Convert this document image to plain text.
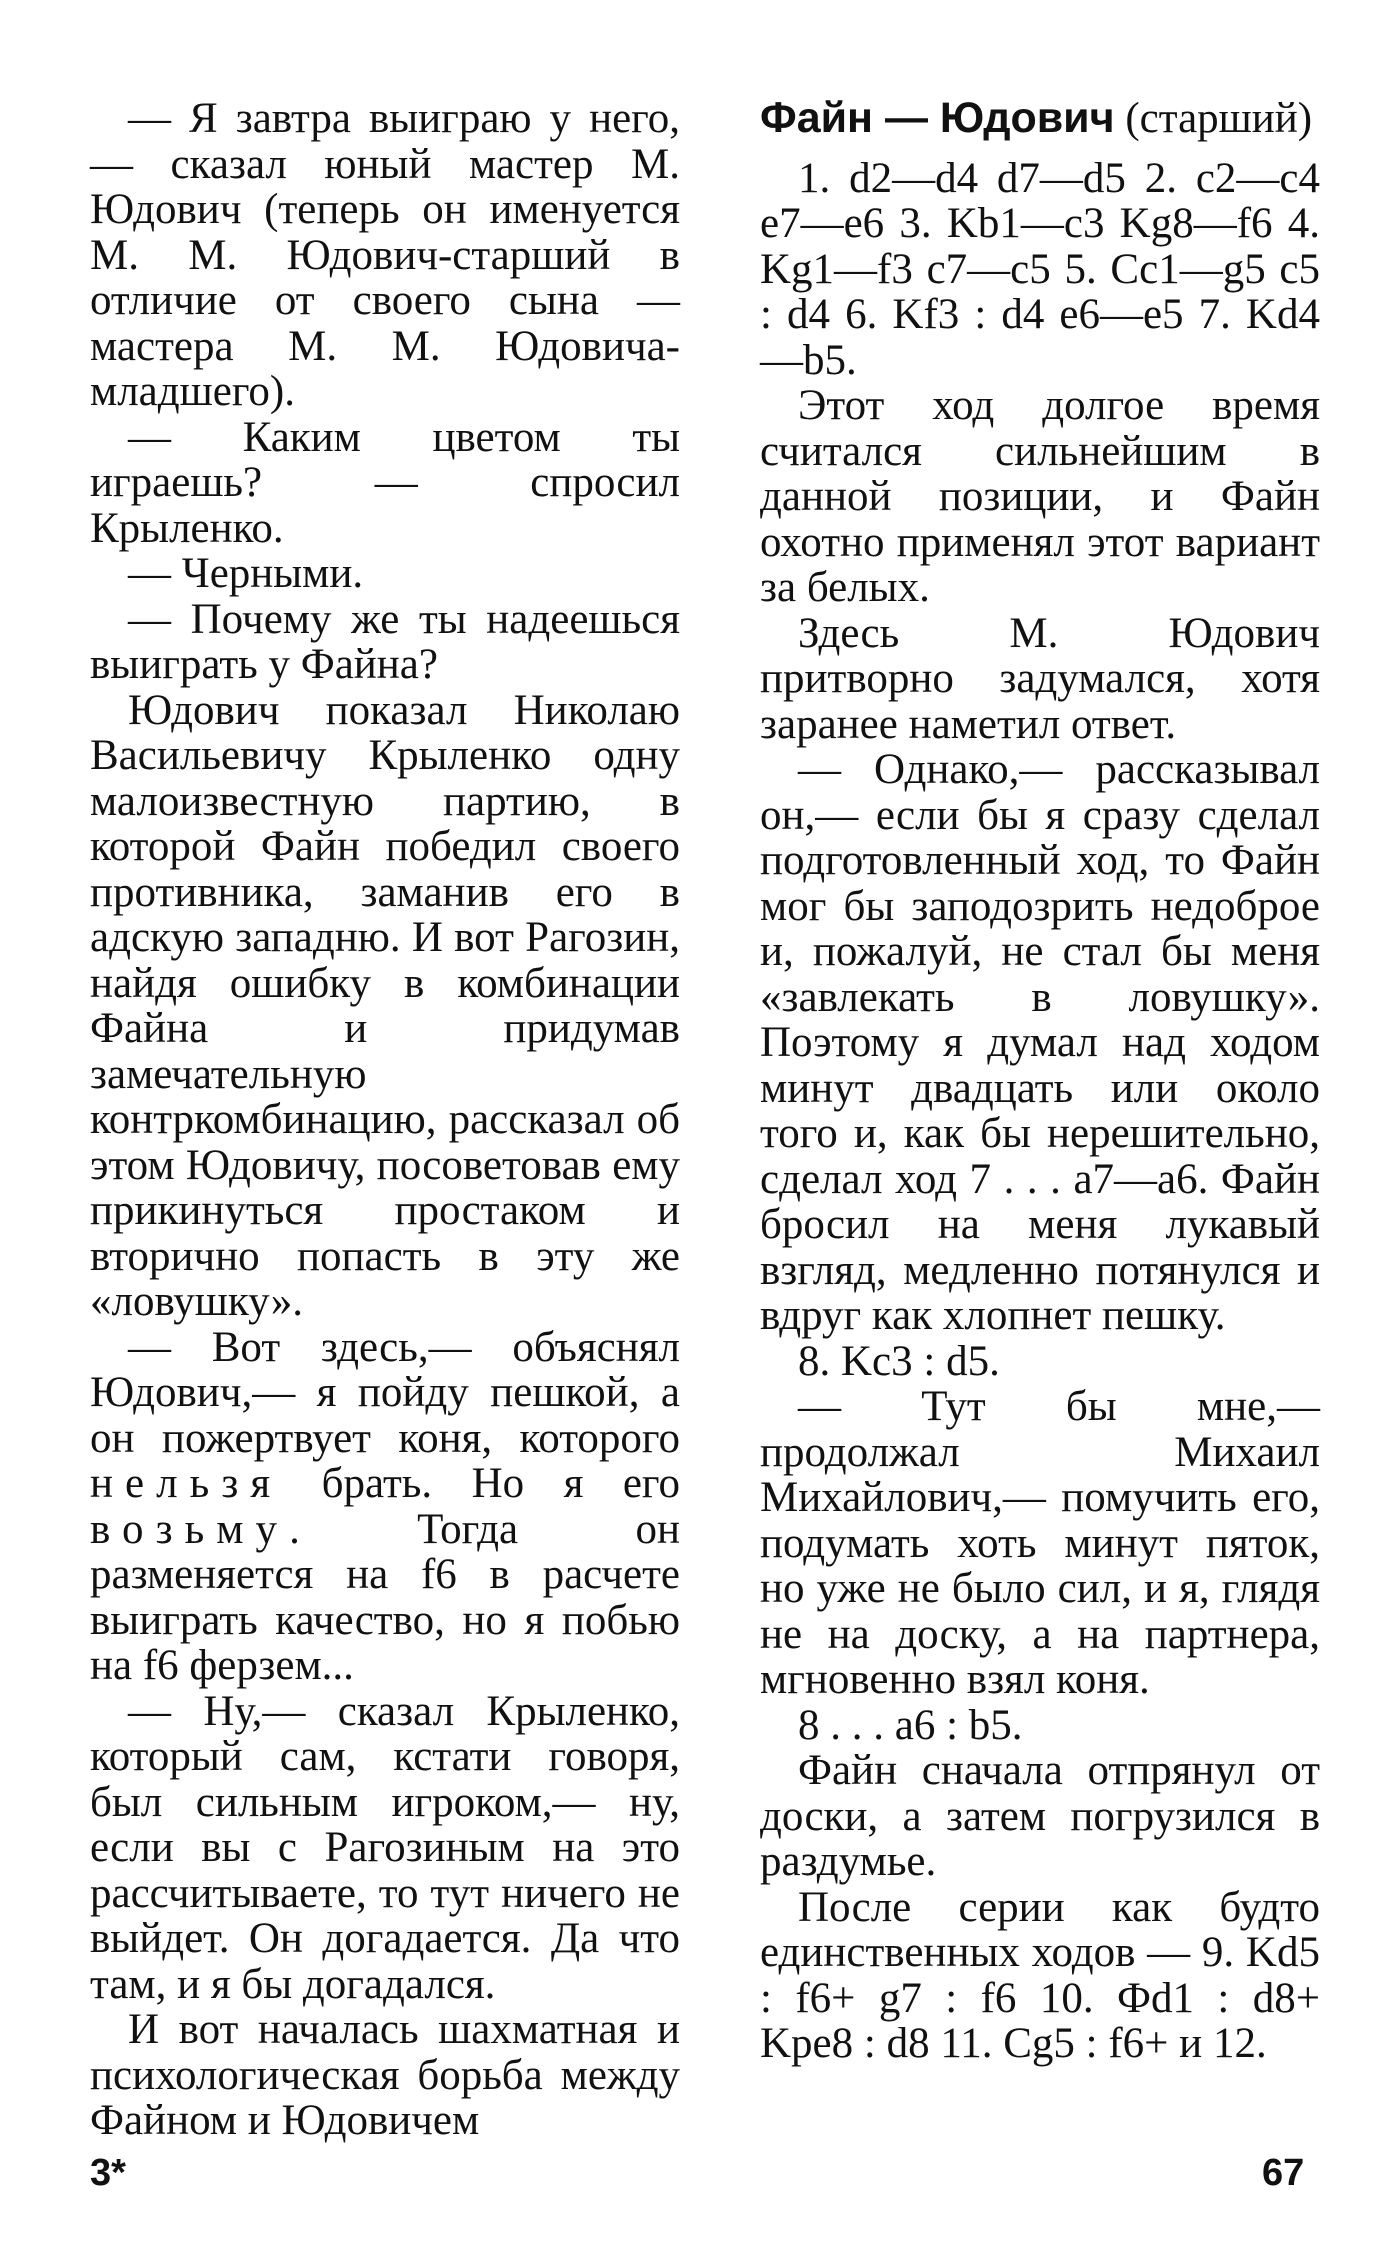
— Я завтра выиграю у него,— сказал юный мастер М. Юдович (теперь он именуется М. М. Юдович-старший в отличие от своего сына — мастера М. М. Юдовича-младшего).

— Каким цветом ты играешь? — спросил Крыленко.

— Черными.

— Почему же ты надеешься выиграть у Файна?

Юдович показал Николаю Васильевичу Крыленко одну малоизвестную партию, в которой Файн победил своего противника, заманив его в адскую западню. И вот Рагозин, найдя ошибку в комбинации Файна и придумав замечательную контркомбинацию, рассказал об этом Юдовичу, посоветовав ему прикинуться простаком и вторично попасть в эту же «ловушку».

— Вот здесь,— объяснял Юдович,— я пойду пешкой, а он пожертвует коня, которого нельзя брать. Но я его возьму. Тогда он разменяется на f6 в расчете выиграть качество, но я побью на f6 ферзем...

— Ну,— сказал Крыленко, который сам, кстати говоря, был сильным игроком,— ну, если вы с Рагозиным на это рассчитываете, то тут ничего не выйдет. Он догадается. Да что там, и я бы догадался.

И вот началась шахматная и психологическая борьба между Файном и Юдовичем

Файн — Юдович (старший)

1. d2—d4 d7—d5 2. c2—c4 e7—e6 3. Kb1—c3 Kg8—f6 4. Kg1—f3 c7—c5 5. Cc1—g5 c5 : d4 6. Kf3 : d4 e6—e5 7. Kd4—b5.

Этот ход долгое время считался сильнейшим в данной позиции, и Файн охотно применял этот вариант за белых.

Здесь М. Юдович притворно задумался, хотя заранее наметил ответ.

— Однако,— рассказывал он,— если бы я сразу сделал подготовленный ход, то Файн мог бы заподозрить недоброе и, пожалуй, не стал бы меня «завлекать в ловушку». Поэтому я думал над ходом минут двадцать или около того и, как бы нерешительно, сделал ход 7 . . . a7—a6. Файн бросил на меня лукавый взгляд, медленно потянулся и вдруг как хлопнет пешку.

8. Kc3 : d5.

— Тут бы мне,— продолжал Михаил Михайлович,— помучить его, подумать хоть минут пяток, но уже не было сил, и я, глядя не на доску, а на партнера, мгновенно взял коня.

8 . . . a6 : b5.

Файн сначала отпрянул от доски, а затем погрузился в раздумье.

После серии как будто единственных ходов — 9. Kd5 : f6+ g7 : f6 10. Фd1 : d8+ Kpe8 : d8 11. Cg5 : f6+ и 12.

3*	67
